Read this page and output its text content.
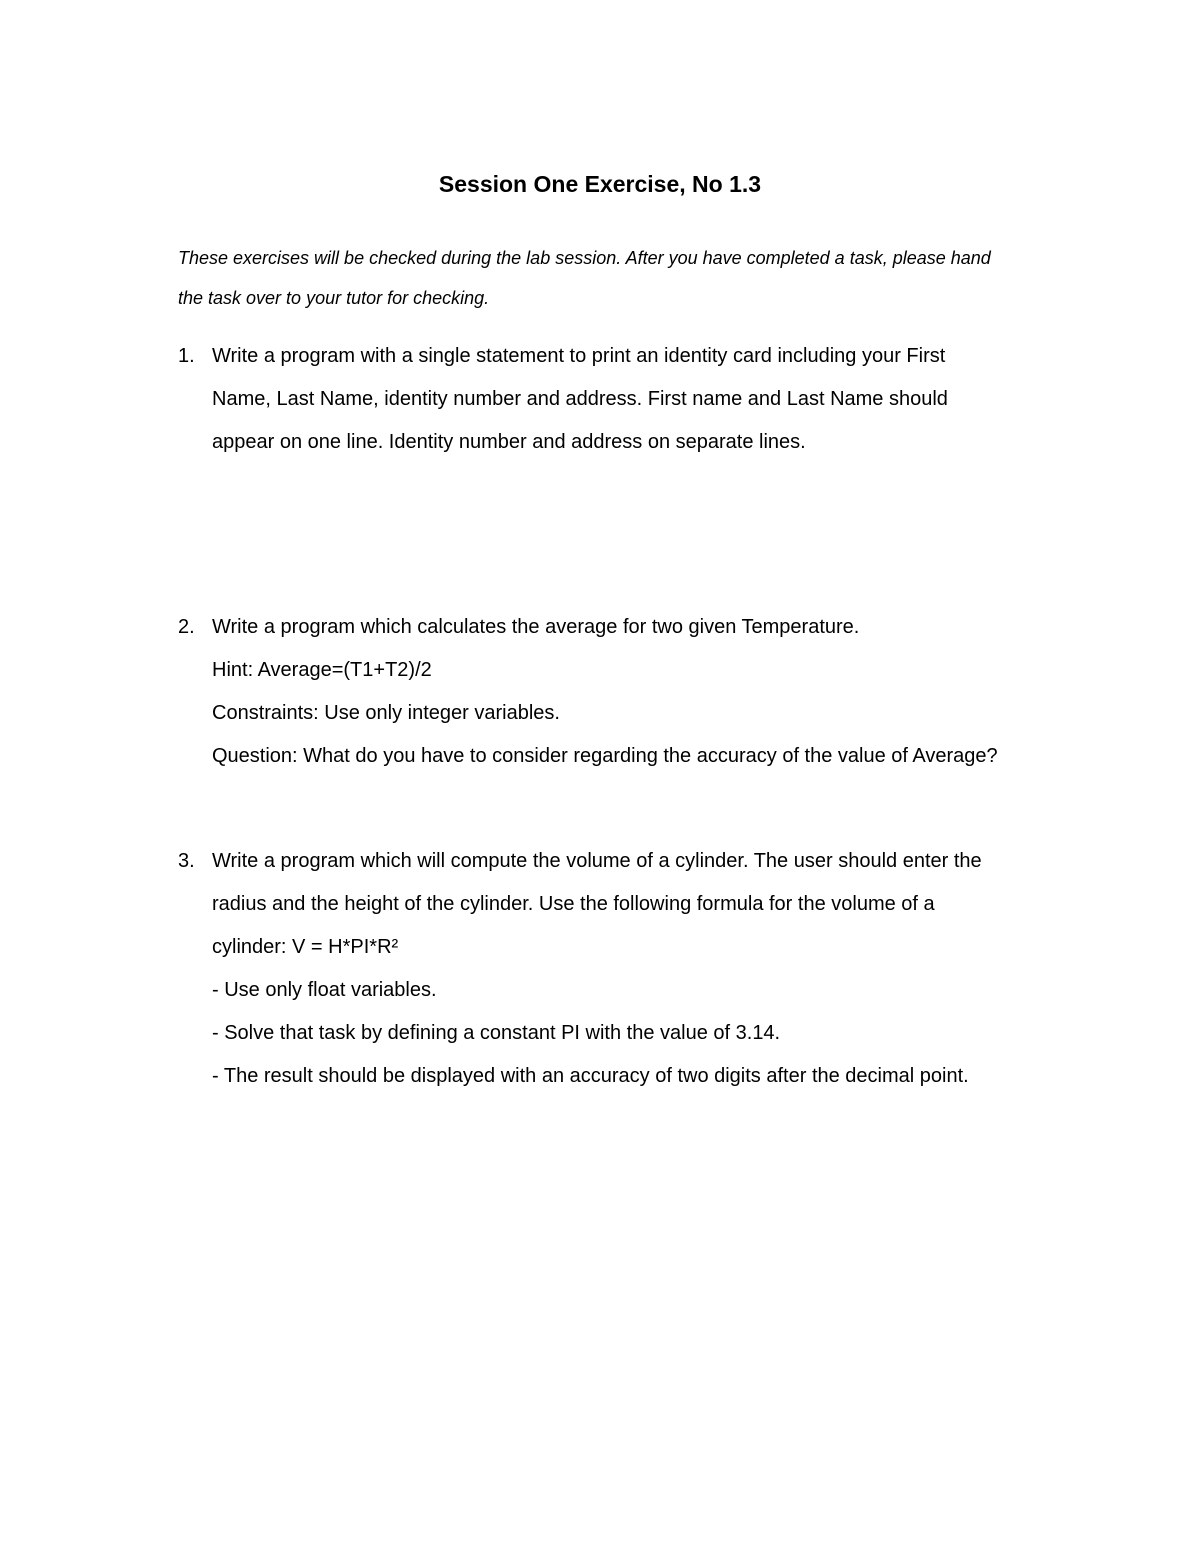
Session One Exercise, No 1.3

These exercises will be checked during the lab session. After you have completed a task, please hand
the task over to your tutor for checking.

1. Write a program with a single statement to print an identity card including your First
Name, Last Name, identity number and address. First name and Last Name should
appear on one line. Identity number and address on separate lines.
2. Write a program which calculates the average for two given Temperature.
Hint: Average=(T1+T2)/2
Constraints: Use only integer variables.
Question: What do you have to consider regarding the accuracy of the value of Average?
3. Write a program which will compute the volume of a cylinder. The user should enter the
radius and the height of the cylinder. Use the following formula for the volume of a
cylinder: V = H*PI*R²
- Use only float variables.
- Solve that task by defining a constant PI with the value of 3.14.
- The result should be displayed with an accuracy of two digits after the decimal point.
